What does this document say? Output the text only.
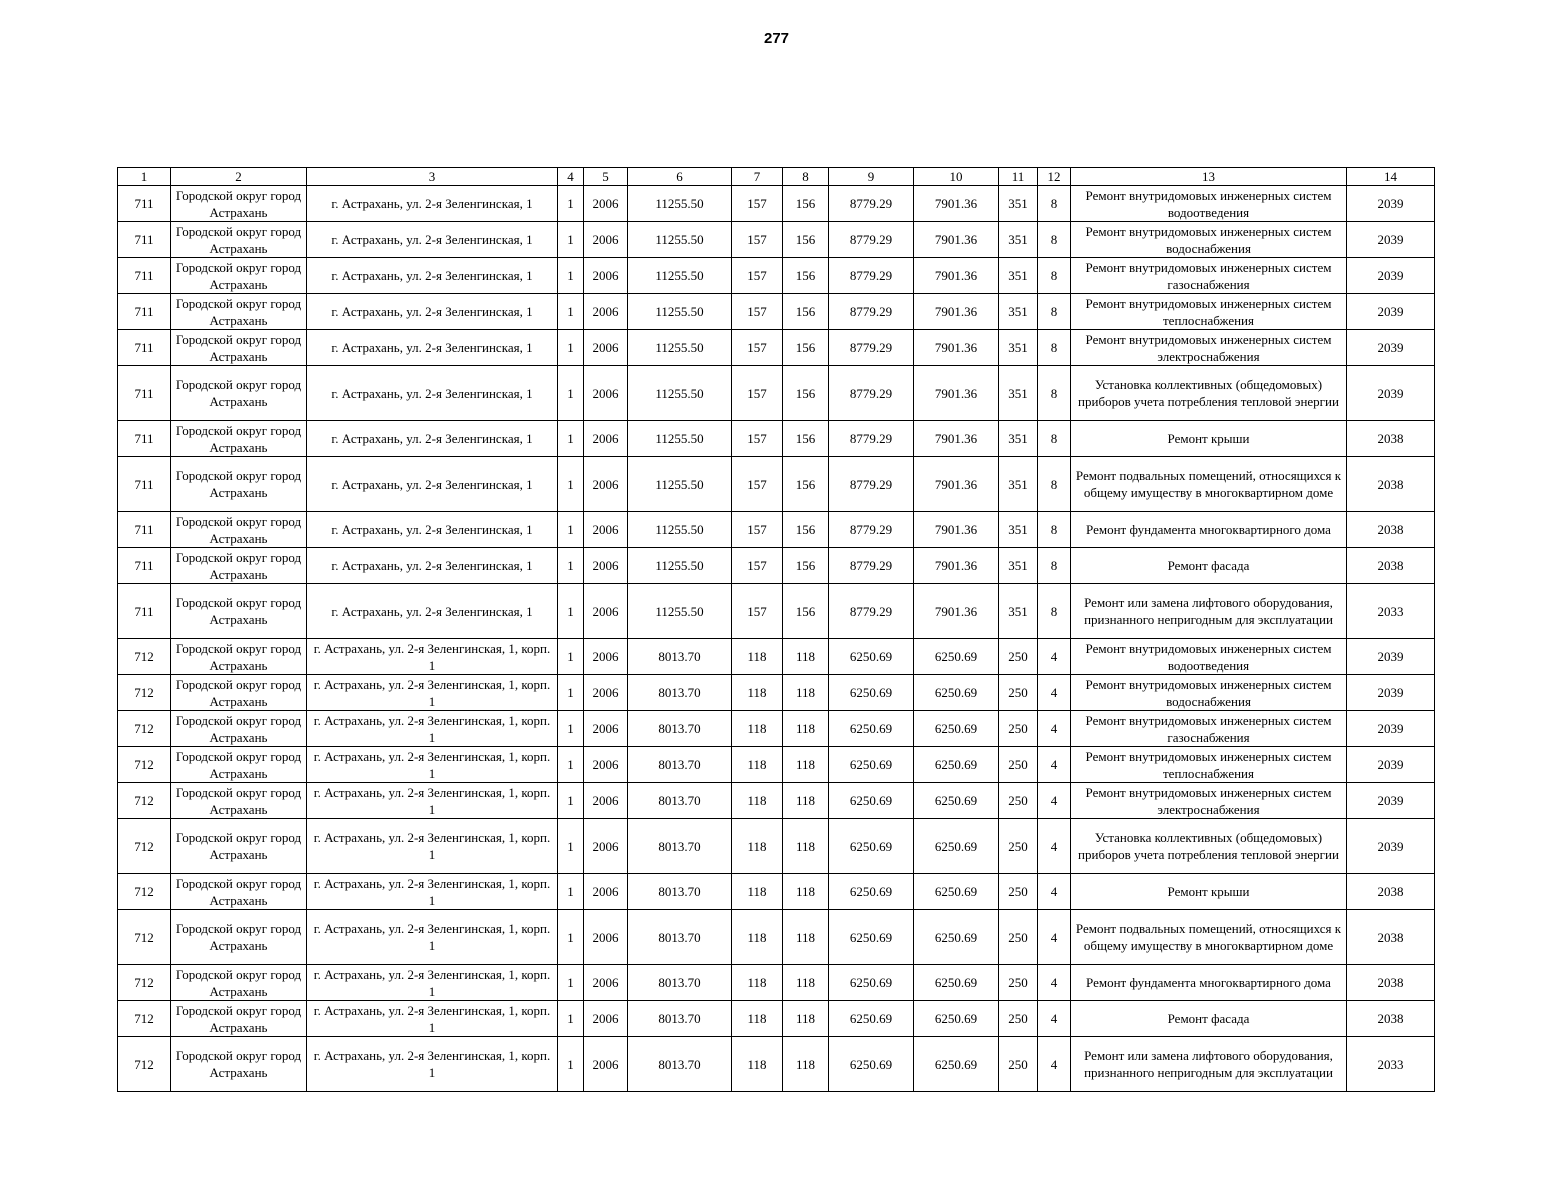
277
1	2	3	4	5	6	7	8	9	10	11	12	13	14
711	Городской округ город Астрахань	г. Астрахань, ул. 2-я Зеленгинская, 1	1	2006	11255.50	157	156	8779.29	7901.36	351	8	Ремонт внутридомовых инженерных систем водоотведения	2039
711	Городской округ город Астрахань	г. Астрахань, ул. 2-я Зеленгинская, 1	1	2006	11255.50	157	156	8779.29	7901.36	351	8	Ремонт внутридомовых инженерных систем водоснабжения	2039
711	Городской округ город Астрахань	г. Астрахань, ул. 2-я Зеленгинская, 1	1	2006	11255.50	157	156	8779.29	7901.36	351	8	Ремонт внутридомовых инженерных систем газоснабжения	2039
711	Городской округ город Астрахань	г. Астрахань, ул. 2-я Зеленгинская, 1	1	2006	11255.50	157	156	8779.29	7901.36	351	8	Ремонт внутридомовых инженерных систем теплоснабжения	2039
711	Городской округ город Астрахань	г. Астрахань, ул. 2-я Зеленгинская, 1	1	2006	11255.50	157	156	8779.29	7901.36	351	8	Ремонт внутридомовых инженерных систем электроснабжения	2039
711	Городской округ город Астрахань	г. Астрахань, ул. 2-я Зеленгинская, 1	1	2006	11255.50	157	156	8779.29	7901.36	351	8	Установка коллективных (общедомовых) приборов учета потребления тепловой энергии	2039
711	Городской округ город Астрахань	г. Астрахань, ул. 2-я Зеленгинская, 1	1	2006	11255.50	157	156	8779.29	7901.36	351	8	Ремонт крыши	2038
711	Городской округ город Астрахань	г. Астрахань, ул. 2-я Зеленгинская, 1	1	2006	11255.50	157	156	8779.29	7901.36	351	8	Ремонт подвальных помещений, относящихся к общему имуществу в многоквартирном доме	2038
711	Городской округ город Астрахань	г. Астрахань, ул. 2-я Зеленгинская, 1	1	2006	11255.50	157	156	8779.29	7901.36	351	8	Ремонт фундамента многоквартирного дома	2038
711	Городской округ город Астрахань	г. Астрахань, ул. 2-я Зеленгинская, 1	1	2006	11255.50	157	156	8779.29	7901.36	351	8	Ремонт фасада	2038
711	Городской округ город Астрахань	г. Астрахань, ул. 2-я Зеленгинская, 1	1	2006	11255.50	157	156	8779.29	7901.36	351	8	Ремонт или замена лифтового оборудования, признанного непригодным для эксплуатации	2033
712	Городской округ город Астрахань	г. Астрахань, ул. 2-я Зеленгинская, 1, корп. 1	1	2006	8013.70	118	118	6250.69	6250.69	250	4	Ремонт внутридомовых инженерных систем водоотведения	2039
712	Городской округ город Астрахань	г. Астрахань, ул. 2-я Зеленгинская, 1, корп. 1	1	2006	8013.70	118	118	6250.69	6250.69	250	4	Ремонт внутридомовых инженерных систем водоснабжения	2039
712	Городской округ город Астрахань	г. Астрахань, ул. 2-я Зеленгинская, 1, корп. 1	1	2006	8013.70	118	118	6250.69	6250.69	250	4	Ремонт внутридомовых инженерных систем газоснабжения	2039
712	Городской округ город Астрахань	г. Астрахань, ул. 2-я Зеленгинская, 1, корп. 1	1	2006	8013.70	118	118	6250.69	6250.69	250	4	Ремонт внутридомовых инженерных систем теплоснабжения	2039
712	Городской округ город Астрахань	г. Астрахань, ул. 2-я Зеленгинская, 1, корп. 1	1	2006	8013.70	118	118	6250.69	6250.69	250	4	Ремонт внутридомовых инженерных систем электроснабжения	2039
712	Городской округ город Астрахань	г. Астрахань, ул. 2-я Зеленгинская, 1, корп. 1	1	2006	8013.70	118	118	6250.69	6250.69	250	4	Установка коллективных (общедомовых) приборов учета потребления тепловой энергии	2039
712	Городской округ город Астрахань	г. Астрахань, ул. 2-я Зеленгинская, 1, корп. 1	1	2006	8013.70	118	118	6250.69	6250.69	250	4	Ремонт крыши	2038
712	Городской округ город Астрахань	г. Астрахань, ул. 2-я Зеленгинская, 1, корп. 1	1	2006	8013.70	118	118	6250.69	6250.69	250	4	Ремонт подвальных помещений, относящихся к общему имуществу в многоквартирном доме	2038
712	Городской округ город Астрахань	г. Астрахань, ул. 2-я Зеленгинская, 1, корп. 1	1	2006	8013.70	118	118	6250.69	6250.69	250	4	Ремонт фундамента многоквартирного дома	2038
712	Городской округ город Астрахань	г. Астрахань, ул. 2-я Зеленгинская, 1, корп. 1	1	2006	8013.70	118	118	6250.69	6250.69	250	4	Ремонт фасада	2038
712	Городской округ город Астрахань	г. Астрахань, ул. 2-я Зеленгинская, 1, корп. 1	1	2006	8013.70	118	118	6250.69	6250.69	250	4	Ремонт или замена лифтового оборудования, признанного непригодным для эксплуатации	2033
